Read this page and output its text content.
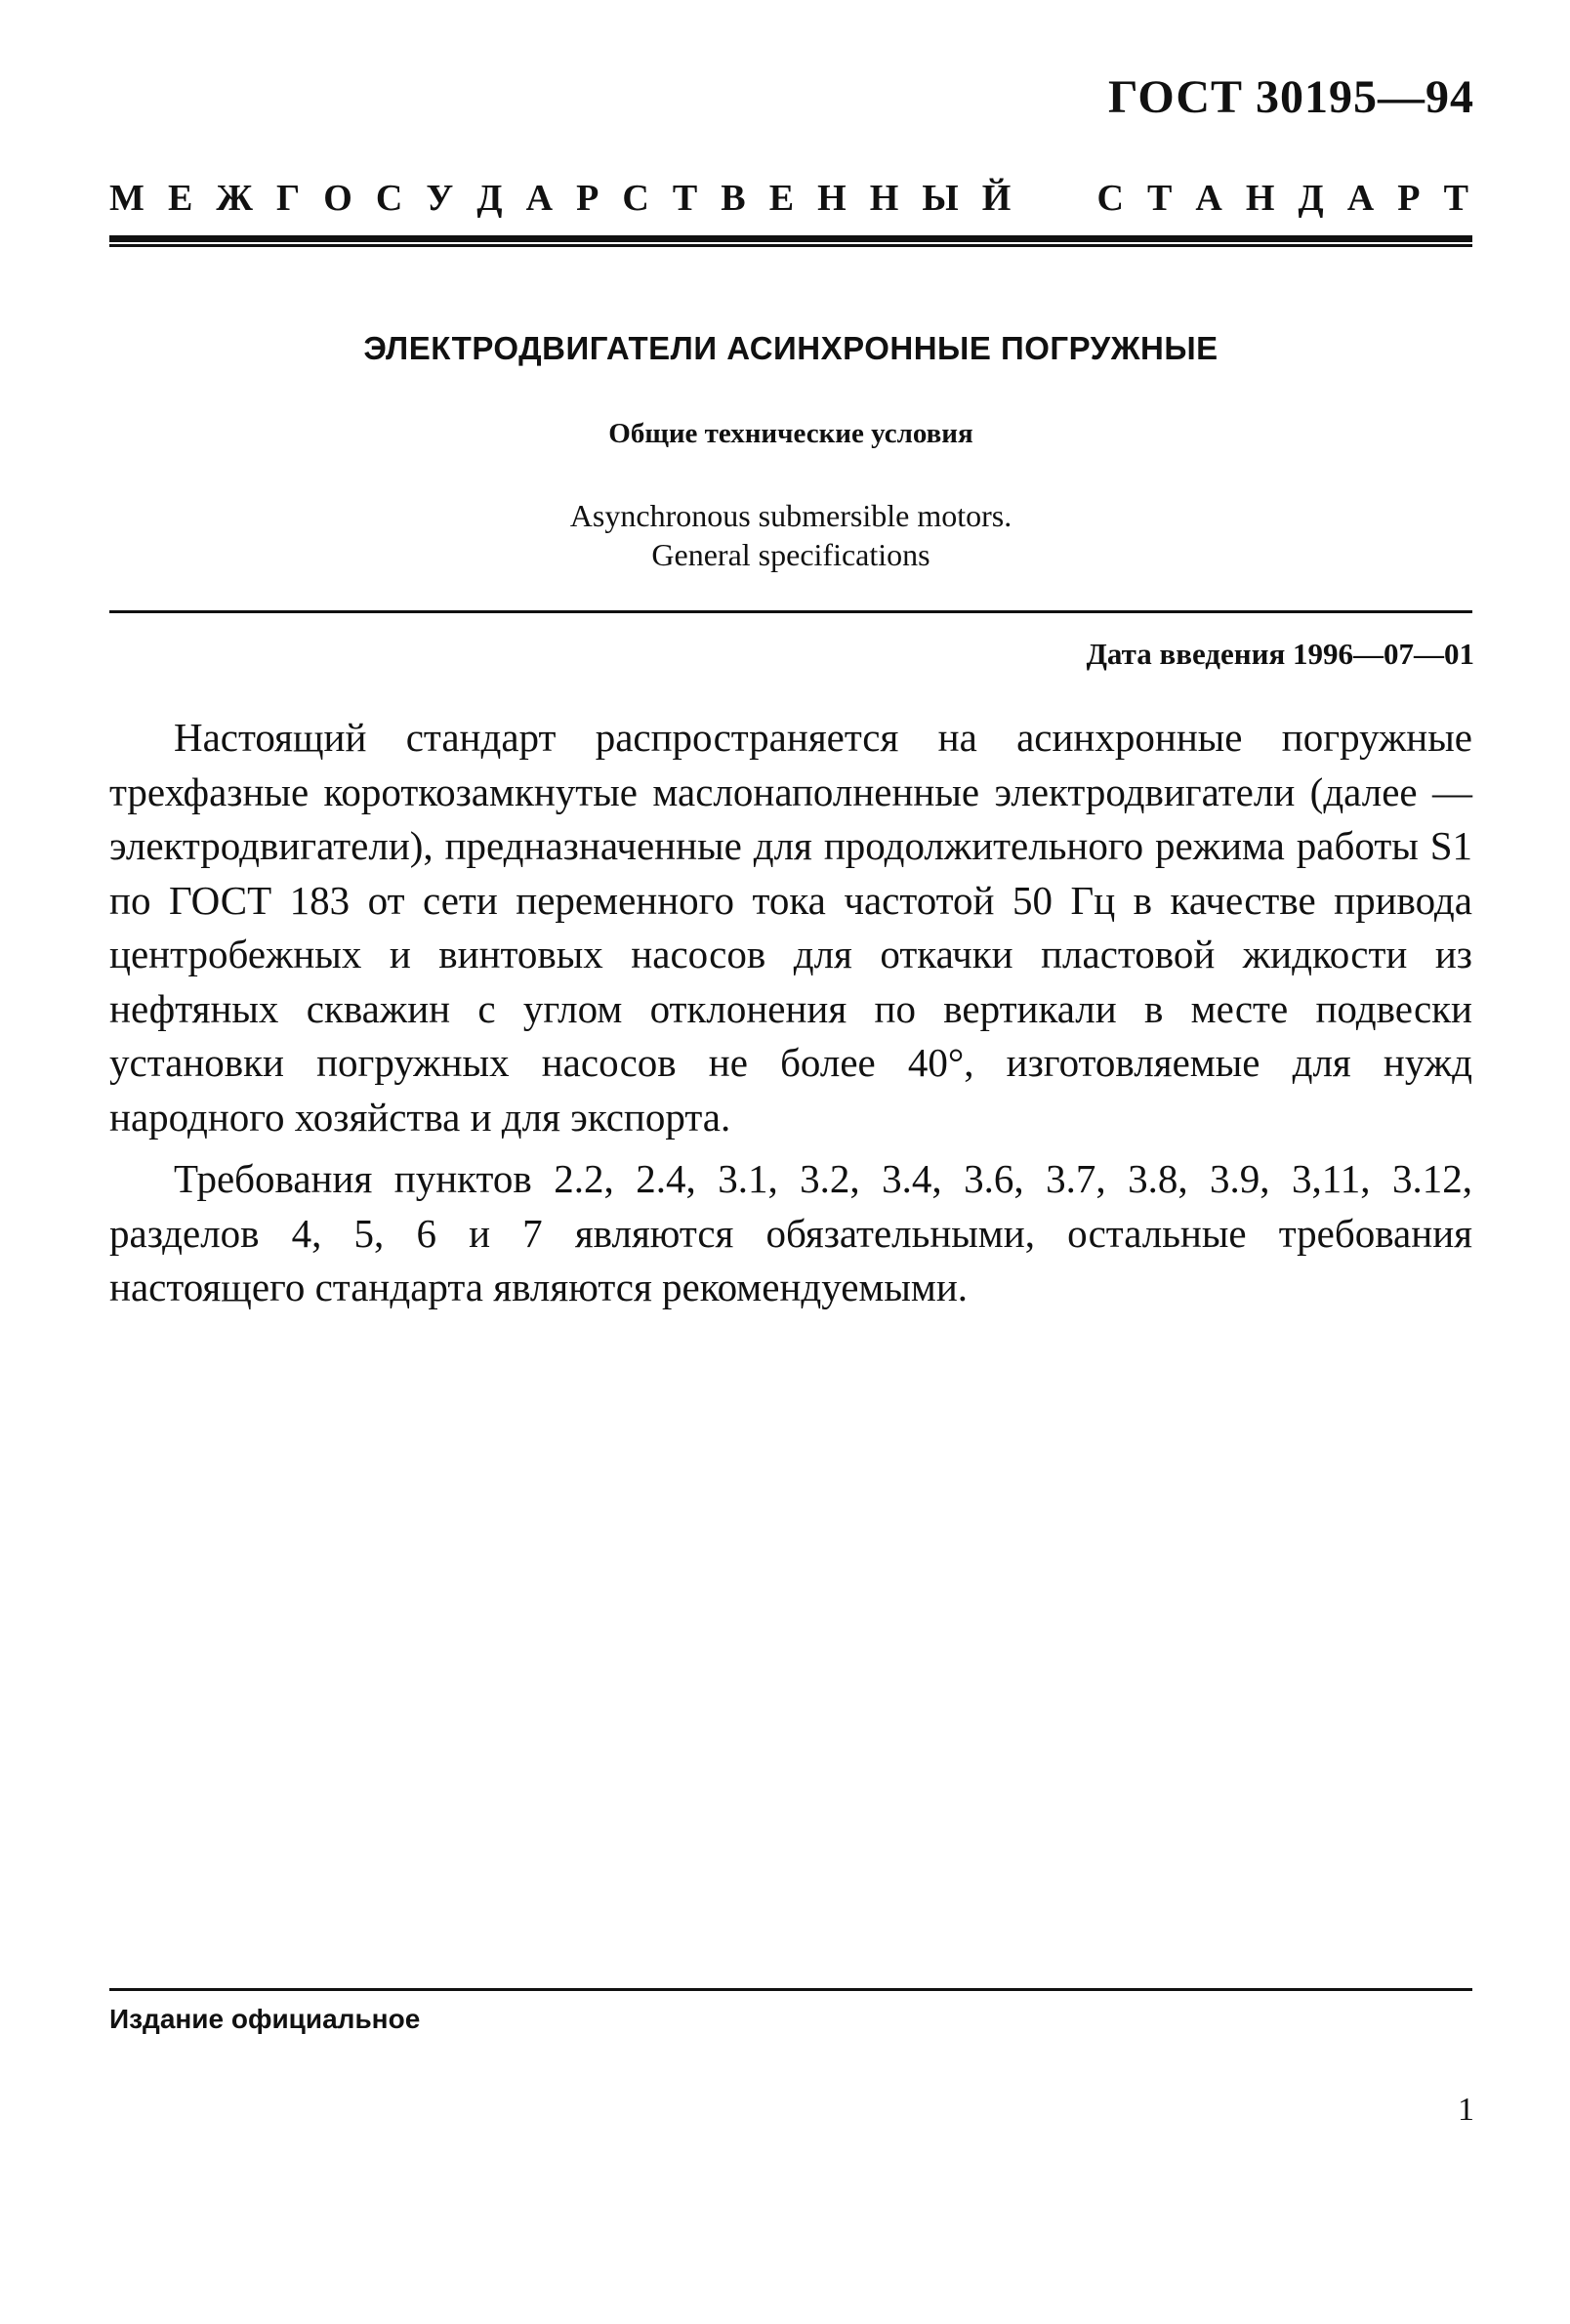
ГОСТ 30195—94
М Е Ж Г О С У Д А Р С Т В Е Н Н Ы Й С Т А Н Д А Р Т
ЭЛЕКТРОДВИГАТЕЛИ АСИНХРОННЫЕ ПОГРУЖНЫЕ
Общие технические условия
Asynchronous submersible motors.
General specifications
Дата введения 1996—07—01

Настоящий стандарт распространяется на асинхронные погружные трехфазные короткозамкнутые маслонаполненные электродвигатели (далее — электродвигатели), предназначенные для продолжительного режима работы S1 по ГОСТ 183 от сети переменного тока частотой 50 Гц в качестве привода центробежных и винтовых насосов для откачки пластовой жидкости из нефтяных скважин с углом отклонения по вертикали в месте подвески установки погружных насосов не более 40°, изготовляемые для нужд народного хозяйства и для экспорта.

Требования пунктов 2.2, 2.4, 3.1, 3.2, 3.4, 3.6, 3.7, 3.8, 3.9, 3,11, 3.12, разделов 4, 5, 6 и 7 являются обязательными, остальные требования настоящего стандарта являются рекомендуемыми.

Издание официальное
1
